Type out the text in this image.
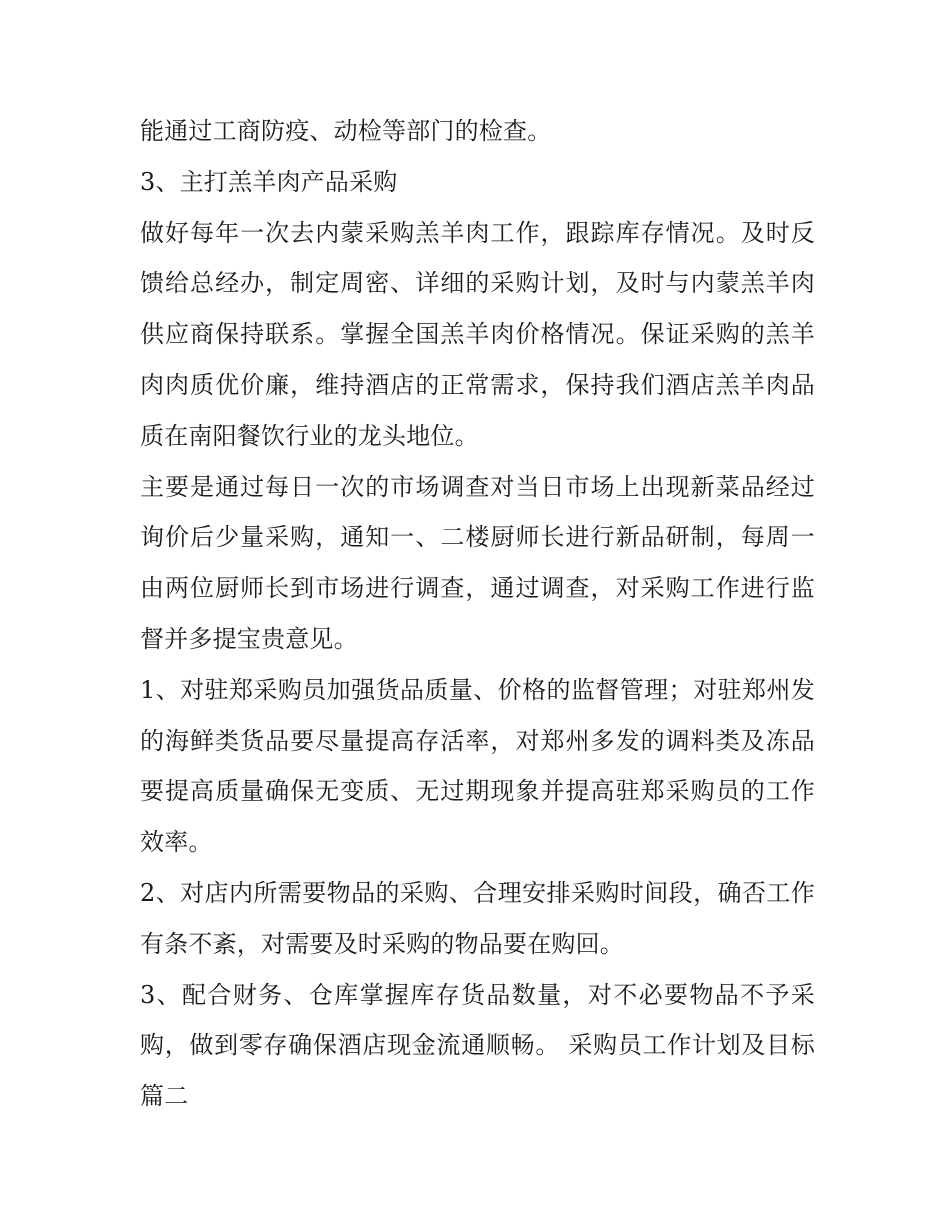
能通过工商防疫、动检等部门的检查。

3、主打羔羊肉产品采购

做好每年一次去内蒙采购羔羊肉工作，跟踪库存情况。及时反馈给总经办，制定周密、详细的采购计划，及时与内蒙羔羊肉供应商保持联系。掌握全国羔羊肉价格情况。保证采购的羔羊肉肉质优价廉，维持酒店的正常需求，保持我们酒店羔羊肉品质在南阳餐饮行业的龙头地位。

主要是通过每日一次的市场调查对当日市场上出现新菜品经过询价后少量采购，通知一、二楼厨师长进行新品研制，每周一由两位厨师长到市场进行调查，通过调查，对采购工作进行监督并多提宝贵意见。

1、对驻郑采购员加强货品质量、价格的监督管理；对驻郑州发的海鲜类货品要尽量提高存活率，对郑州多发的调料类及冻品要提高质量确保无变质、无过期现象并提高驻郑采购员的工作效率。

2、对店内所需要物品的采购、合理安排采购时间段，确否工作有条不紊，对需要及时采购的物品要在购回。

3、配合财务、仓库掌握库存货品数量，对不必要物品不予采购，做到零存确保酒店现金流通顺畅。 采购员工作计划及目标篇二
